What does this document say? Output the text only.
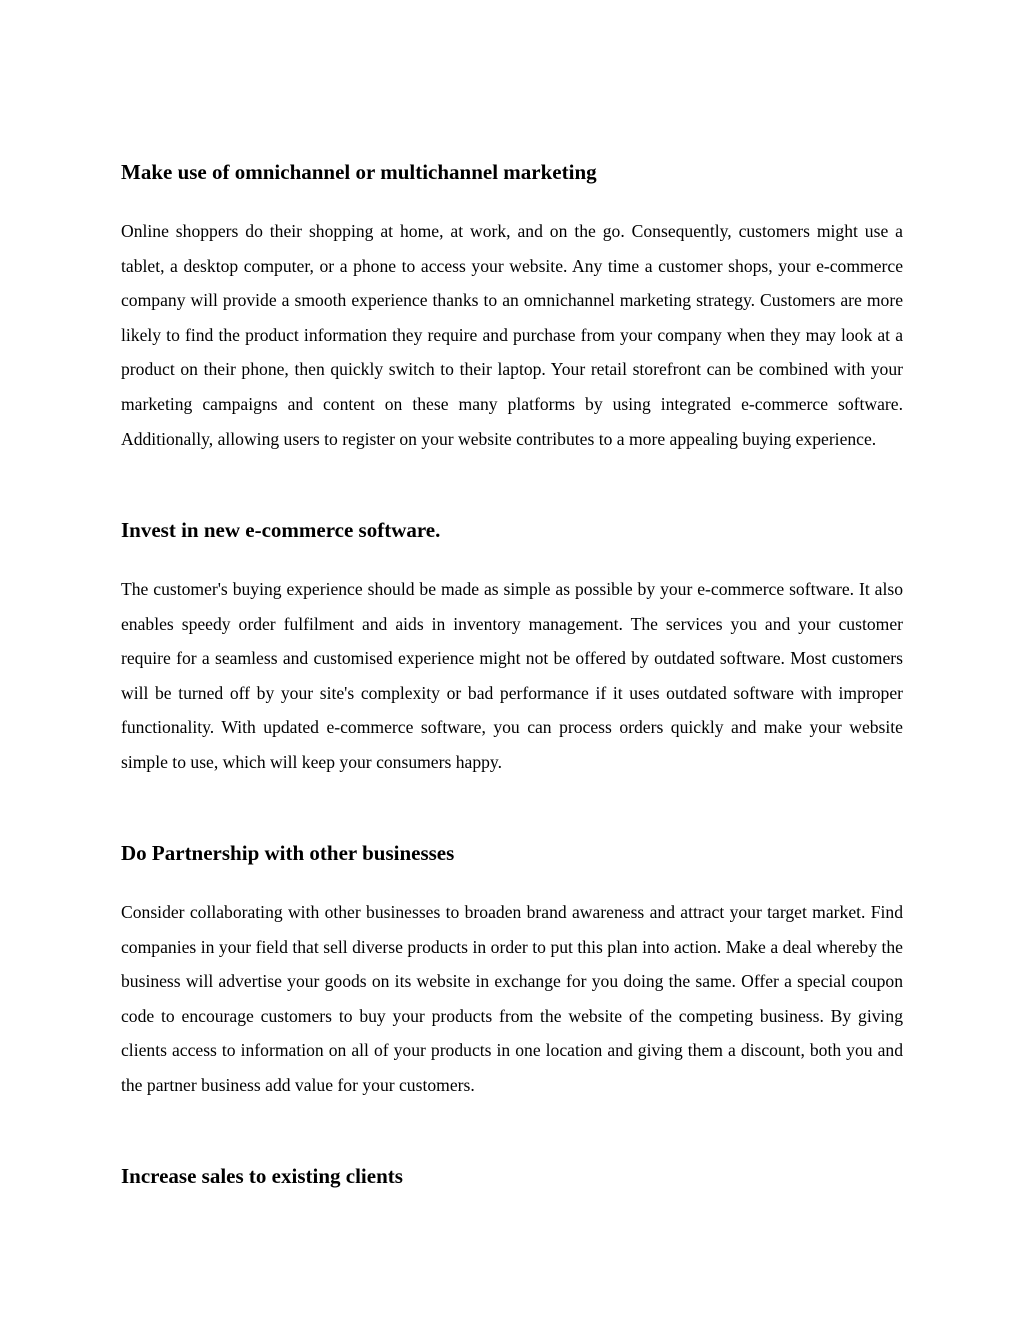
Make use of omnichannel or multichannel marketing

Online shoppers do their shopping at home, at work, and on the go. Consequently, customers might use a tablet, a desktop computer, or a phone to access your website. Any time a customer shops, your e-commerce company will provide a smooth experience thanks to an omnichannel marketing strategy. Customers are more likely to find the product information they require and purchase from your company when they may look at a product on their phone, then quickly switch to their laptop. Your retail storefront can be combined with your marketing campaigns and content on these many platforms by using integrated e-commerce software. Additionally, allowing users to register on your website contributes to a more appealing buying experience.

Invest in new e-commerce software.

The customer's buying experience should be made as simple as possible by your e-commerce software. It also enables speedy order fulfilment and aids in inventory management. The services you and your customer require for a seamless and customised experience might not be offered by outdated software. Most customers will be turned off by your site's complexity or bad performance if it uses outdated software with improper functionality. With updated e-commerce software, you can process orders quickly and make your website simple to use, which will keep your consumers happy.

Do Partnership with other businesses

Consider collaborating with other businesses to broaden brand awareness and attract your target market. Find companies in your field that sell diverse products in order to put this plan into action. Make a deal whereby the business will advertise your goods on its website in exchange for you doing the same. Offer a special coupon code to encourage customers to buy your products from the website of the competing business. By giving clients access to information on all of your products in one location and giving them a discount, both you and the partner business add value for your customers.

Increase sales to existing clients
